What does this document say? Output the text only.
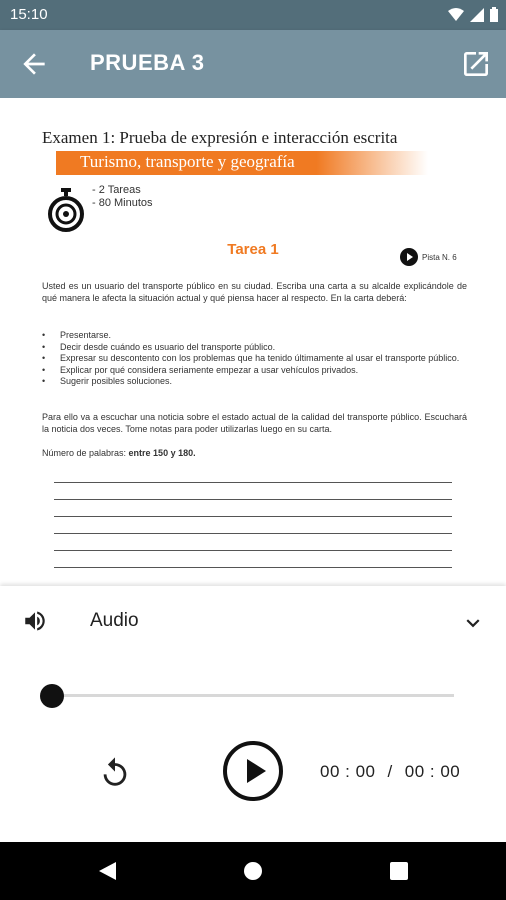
15:10
PRUEBA 3
Examen 1: Prueba de expresión e interacción escrita
Turismo, transporte y geografía
- 2 Tareas
- 80 Minutos
Tarea 1	Pista N. 6
Usted es un usuario del transporte público en su ciudad. Escriba una carta a su alcalde explicándole de qué manera le afecta la situación actual y qué piensa hacer al respecto. En la carta deberá:
• Presentarse.
• Decir desde cuándo es usuario del transporte público.
• Expresar su descontento con los problemas que ha tenido últimamente al usar el transporte público.
• Explicar por qué considera seriamente empezar a usar vehículos privados.
• Sugerir posibles soluciones.
Para ello va a escuchar una noticia sobre el estado actual de la calidad del transporte público. Escuchará la noticia dos veces. Tome notas para poder utilizarlas luego en su carta.
Número de palabras: entre 150 y 180.
Audio
00 : 00 / 00 : 00
